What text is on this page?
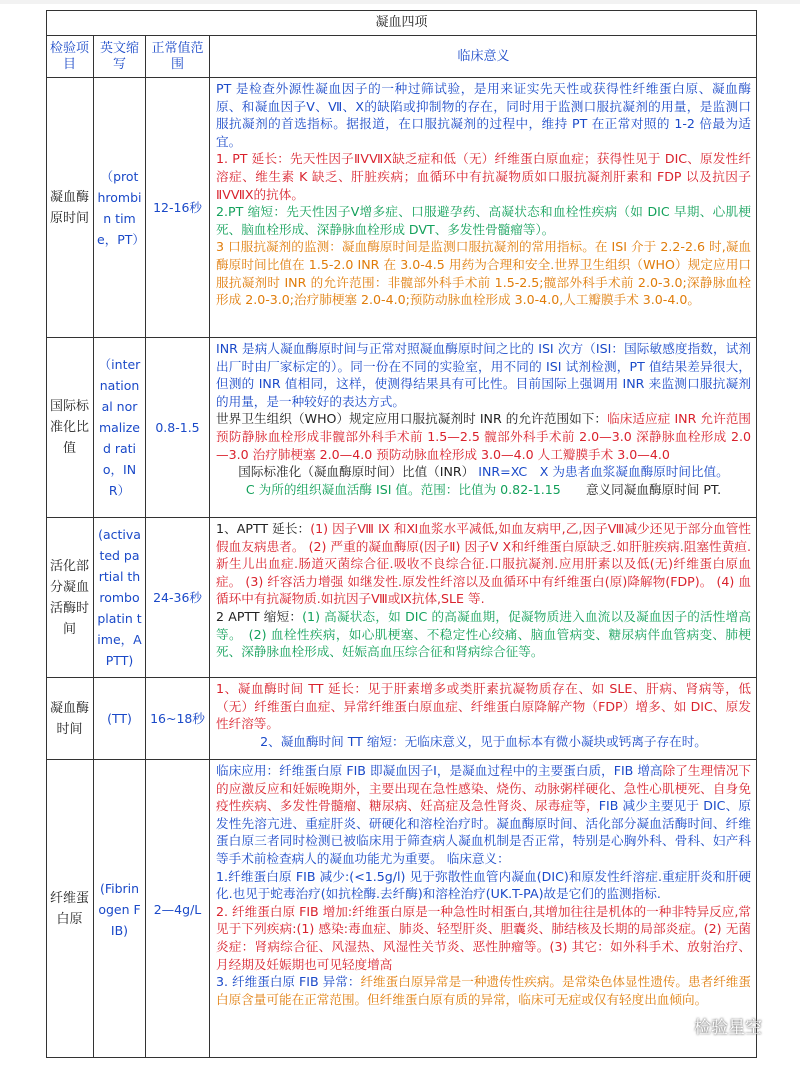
凝血四项
检验项目
英文缩写
正常值范围
临床意义
凝血酶原时间
（prothrombin time，PT）
12-16秒

PT 是检查外源性凝血因子的一种过筛试验，是用来证实先天性或获得性纤维蛋白原、凝血酶原、和凝血因子Ⅴ、Ⅶ、Ⅹ的缺陷或抑制物的存在，同时用于监测口服抗凝剂的用量，是监测口服抗凝剂的首选指标。据报道，在口服抗凝剂的过程中，维持 PT 在正常对照的 1-2 倍最为适宜。

1. PT 延长：先天性因子ⅡⅤⅦⅩ缺乏症和低（无）纤维蛋白原血症；获得性见于 DIC、原发性纤溶症、维生素 K 缺乏、肝脏疾病；血循环中有抗凝物质如口服抗凝剂肝素和 FDP 以及抗因子ⅡⅤⅦⅩ的抗体。

2.PT 缩短：先天性因子Ⅴ增多症、口服避孕药、高凝状态和血栓性疾病（如 DIC 早期、心肌梗死、脑血栓形成、深静脉血栓形成 DVT、多发性骨髓瘤等）。

3 口服抗凝剂的监测：凝血酶原时间是监测口服抗凝剂的常用指标。在 ISI 介于 2.2-2.6 时,凝血酶原时间比值在 1.5-2.0 INR 在 3.0-4.5 用药为合理和安全.世界卫生组织（WHO）规定应用口服抗凝剂时 INR 的允许范围：非髋部外科手术前 1.5-2.5;髋部外科手术前 2.0-3.0;深静脉血栓形成 2.0-3.0;治疗肺梗塞 2.0-4.0;预防动脉血栓形成 3.0-4.0,人工瓣膜手术 3.0-4.0。

国际标准化比值
（international normalized ratio，INR）
0.8-1.5

INR 是病人凝血酶原时间与正常对照凝血酶原时间之比的 ISI 次方（ISI：国际敏感度指数，试剂出厂时由厂家标定的）。同一份在不同的实验室，用不同的 ISI 试剂检测，PT 值结果差异很大，但测的 INR 值相同，这样，使测得结果具有可比性。目前国际上强调用 INR 来监测口服抗凝剂的用量，是一种较好的表达方式。

世界卫生组织（WHO）规定应用口服抗凝剂时 INR 的允许范围如下：临床适应症 INR 允许范围预防静脉血栓形成非髋部外科手术前 1.5—2.5 髋部外科手术前 2.0—3.0 深静脉血栓形成 2.0—3.0 治疗肺梗塞 2.0—4.0 预防动脉血栓形成 3.0—4.0 人工瓣膜手术 3.0—4.0

国际标准化（凝血酶原时间）比值（INR） INR=XC　X 为患者血浆凝血酶原时间比值。

C 为所的组织凝血活酶 ISI 值。范围：比值为 0.82-1.15　　 意义同凝血酶原时间 PT.

活化部分凝血活酶时间
(activated partial thromboplatin time，APTT)
24-36秒

1、APTT 延长：(1) 因子Ⅷ Ⅸ 和Ⅺ血浆水平减低,如血友病甲,乙,因子Ⅷ减少还见于部分血管性假血友病患者。 (2) 严重的凝血酶原(因子Ⅱ) 因子Ⅴ Ⅹ和纤维蛋白原缺乏.如肝脏疾病.阻塞性黄疸.新生儿出血症.肠道灭菌综合征.吸收不良综合征.口服抗凝剂.应用肝素以及低(无)纤维蛋白原血症。 (3) 纤容活力增强 如继发性.原发性纤溶以及血循环中有纤维蛋白(原)降解物(FDP)。 (4) 血循环中有抗凝物质.如抗因子Ⅷ或Ⅸ抗体,SLE 等.

2 APTT 缩短：(1) 高凝状态，如 DIC 的高凝血期，促凝物质进入血流以及凝血因子的活性增高等。　(2) 血栓性疾病，如心肌梗塞、不稳定性心绞痛、脑血管病变、糖尿病伴血管病变、肺梗死、深静脉血栓形成、妊娠高血压综合征和肾病综合征等。

凝血酶时间
(TT)	16~18秒

1、凝血酶时间 TT 延长：见于肝素增多或类肝素抗凝物质存在、如 SLE、肝病、肾病等，低（无）纤维蛋白血症、异常纤维蛋白原血症、纤维蛋白原降解产物（FDP）增多、如 DIC、原发性纤溶等。

2、凝血酶时间 TT 缩短：无临床意义，见于血标本有微小凝块或钙离子存在时。

纤维蛋白原
(Fibrinogen FIB)
2—4g/L

临床应用：纤维蛋白原 FIB 即凝血因子Ⅰ，是凝血过程中的主要蛋白质，FIB 增高除了生理情况下的应激反应和妊娠晚期外，主要出现在急性感染、烧伤、动脉粥样硬化、急性心肌梗死、自身免疫性疾病、多发性骨髓瘤、糖尿病、妊高症及急性肾炎、尿毒症等，FIB 减少主要见于 DIC、原发性先溶亢进、重症肝炎、研硬化和溶栓治疗时。凝血酶原时间、活化部分凝血活酶时间、纤维蛋白原三者同时检测已被临床用于筛查病人凝血机制是否正常，特别是心胸外科、骨科、妇产科等手术前检查病人的凝血功能尤为重要。 临床意义：

1.纤维蛋白原 FIB 减少:(<1.5g/l) 见于弥散性血管内凝血(DIC)和原发性纤溶症.重症肝炎和肝硬化.也见于蛇毒治疗(如抗栓酶.去纤酶)和溶栓治疗(UK.T-PA)故是它们的监测指标.

2. 纤维蛋白原 FIB 增加:纤维蛋白原是一种急性时相蛋白,其增加往往是机体的一种非特异反应,常见于下列疾病:(1) 感染:毒血症、肺炎、轻型肝炎、胆囊炎、肺结核及长期的局部炎症。(2) 无菌炎症：肾病综合征、风湿热、风湿性关节炎、恶性肿瘤等。(3) 其它：如外科手术、放射治疗、月经期及妊娠期也可见轻度增高

3. 纤维蛋白原 FIB 异常：纤维蛋白原异常是一种遗传性疾病。是常染色体显性遗传。患者纤维蛋白原含量可能在正常范围。但纤维蛋白原有质的异常，临床可无症或仅有轻度出血倾向。

检验星空
